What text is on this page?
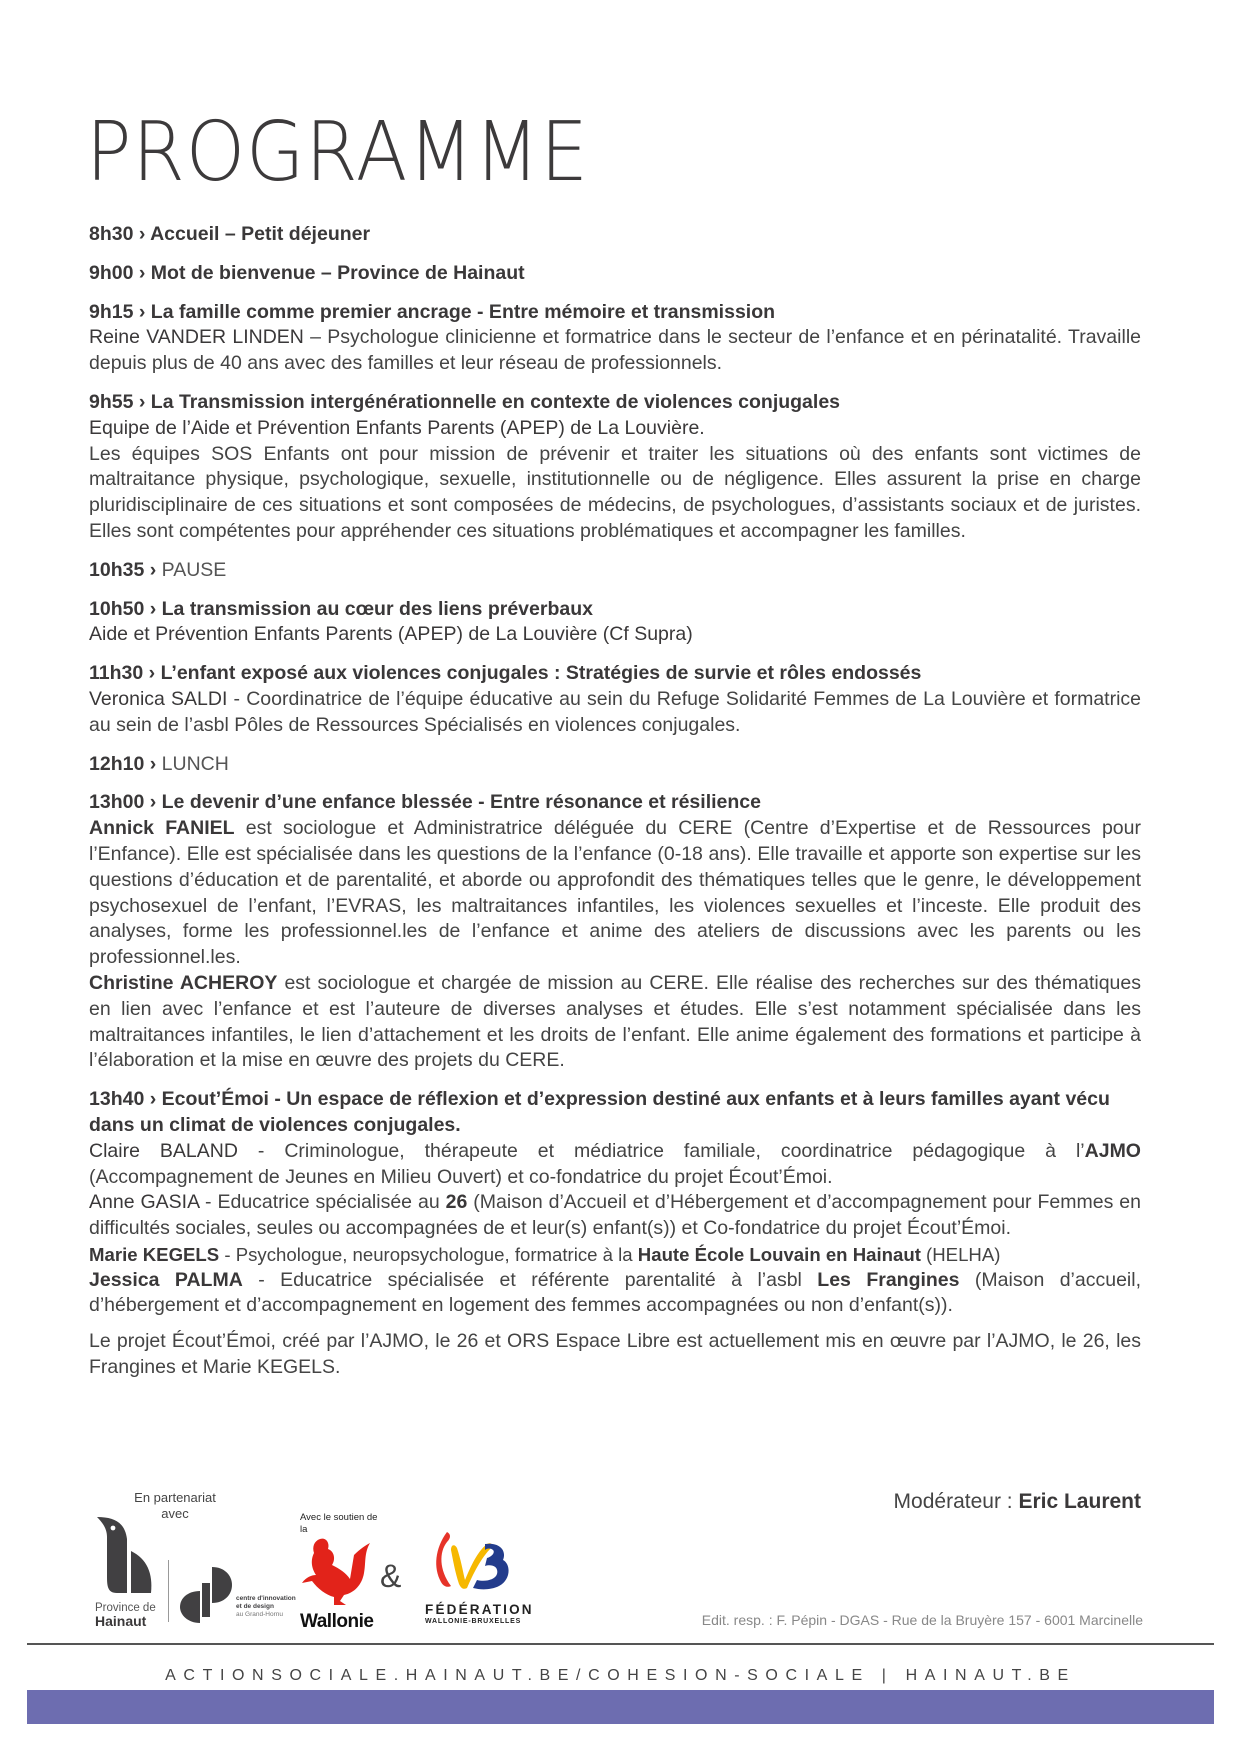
PROGRAMME
8h30 › Accueil – Petit déjeuner
9h00 › Mot de bienvenue – Province de Hainaut
9h15 › La famille comme premier ancrage - Entre mémoire et transmission
Reine VANDER LINDEN – Psychologue clinicienne et formatrice dans le secteur de l’enfance et en périnatalité. Travaille depuis plus de 40 ans avec des familles et leur réseau de professionnels.
9h55 › La Transmission intergénérationnelle en contexte de violences conjugales
Equipe de l’Aide et Prévention Enfants Parents (APEP) de La Louvière.
Les équipes SOS Enfants ont pour mission de prévenir et traiter les situations où des enfants sont victimes de maltraitance physique, psychologique, sexuelle, institutionnelle ou de négligence. Elles assurent la prise en charge pluridisciplinaire de ces situations et sont composées de médecins, de psychologues, d’assistants sociaux et de juristes. Elles sont compétentes pour appréhender ces situations problématiques et accompagner les familles.
10h35 › PAUSE
10h50 › La transmission au cœur des liens préverbaux
Aide et Prévention Enfants Parents (APEP) de La Louvière (Cf Supra)
11h30 › L’enfant exposé aux violences conjugales : Stratégies de survie et rôles endossés
Veronica SALDI - Coordinatrice de l’équipe éducative au sein du Refuge Solidarité Femmes de La Louvière et formatrice au sein de l’asbl Pôles de Ressources Spécialisés en violences conjugales.
12h10 › LUNCH
13h00 › Le devenir d’une enfance blessée - Entre résonance et résilience
Annick FANIEL est sociologue et Administratrice déléguée du CERE (Centre d’Expertise et de Ressources pour l’Enfance). Elle est spécialisée dans les questions de la l’enfance (0-18 ans). Elle travaille et apporte son expertise sur les questions d’éducation et de parentalité, et aborde ou approfondit des thématiques telles que le genre, le développement psychosexuel de l’enfant, l’EVRAS, les maltraitances infantiles, les violences sexuelles et l’inceste. Elle produit des analyses, forme les professionnel.les de l’enfance et anime des ateliers de discussions avec les parents ou les professionnel.les.
Christine ACHEROY est sociologue et chargée de mission au CERE. Elle réalise des recherches sur des thématiques en lien avec l’enfance et est l’auteure de diverses analyses et études. Elle s’est notamment spécialisée dans les maltraitances infantiles, le lien d’attachement et les droits de l’enfant. Elle anime également des formations et participe à l’élaboration et la mise en œuvre des projets du CERE.
13h40 › Ecout’Émoi - Un espace de réflexion et d’expression destiné aux enfants et à leurs familles ayant vécu dans un climat de violences conjugales.
Claire BALAND - Criminologue, thérapeute et médiatrice familiale, coordinatrice pédagogique à l’AJMO (Accompagnement de Jeunes en Milieu Ouvert) et co-fondatrice du projet Écout’Émoi.
Anne GASIA - Educatrice spécialisée au 26 (Maison d’Accueil et d’Hébergement et d’accompagnement pour Femmes en difficultés sociales, seules ou accompagnées de et leur(s) enfant(s)) et Co-fondatrice du projet Écout’Émoi.
Marie KEGELS - Psychologue, neuropsychologue, formatrice à la Haute École Louvain en Hainaut (HELHA)
Jessica PALMA - Educatrice spécialisée et référente parentalité à l’asbl Les Frangines (Maison d’accueil, d’hébergement et d’accompagnement en logement des femmes accompagnées ou non d’enfant(s)).
Le projet Écout’Émoi, créé par l’AJMO, le 26 et ORS Espace Libre est actuellement mis en œuvre par l’AJMO, le 26, les Frangines et Marie KEGELS.
En partenariat avec
Province de
Hainaut
centre d'innovation
et de design
au Grand-Hornu
Avec le soutien de la
Wallonie
&
FÉDÉRATION
WALLONIE-BRUXELLES
Modérateur : Eric Laurent
Edit. resp. : F. Pépin - DGAS - Rue de la Bruyère 157 - 6001 Marcinelle
ACTIONSOCIALE.HAINAUT.BE/COHESION-SOCIALE | HAINAUT.BE
